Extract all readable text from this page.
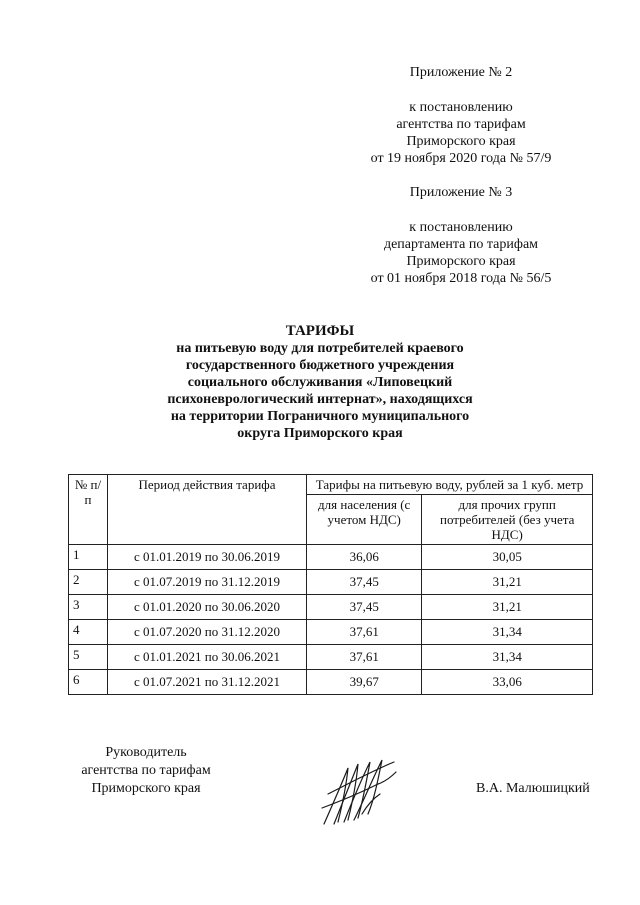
Приложение № 2
к постановлению
агентства по тарифам
Приморского края
от 19 ноября 2020 года № 57/9
Приложение № 3
к постановлению
департамента по тарифам
Приморского края
от 01 ноября 2018 года № 56/5
ТАРИФЫ
на питьевую воду для потребителей краевого
государственного бюджетного учреждения
социального обслуживания «Липовецкий
психоневрологический интернат», находящихся
на территории Пограничного муниципального
округа Приморского края
№ п/п	Период действия тарифа	Тарифы на питьевую воду, рублей за 1 куб. метр	
		для населения (с учетом НДС)	для прочих групп потребителей (без учета НДС)
1	с 01.01.2019 по 30.06.2019	36,06	30,05
2	с 01.07.2019 по 31.12.2019	37,45	31,21
3	с 01.01.2020 по 30.06.2020	37,45	31,21
4	с 01.07.2020 по 31.12.2020	37,61	31,34
5	с 01.01.2021 по 30.06.2021	37,61	31,34
6	с 01.07.2021 по 31.12.2021	39,67	33,06
Руководитель
агентства по тарифам
Приморского края	В.А. Малюшицкий
